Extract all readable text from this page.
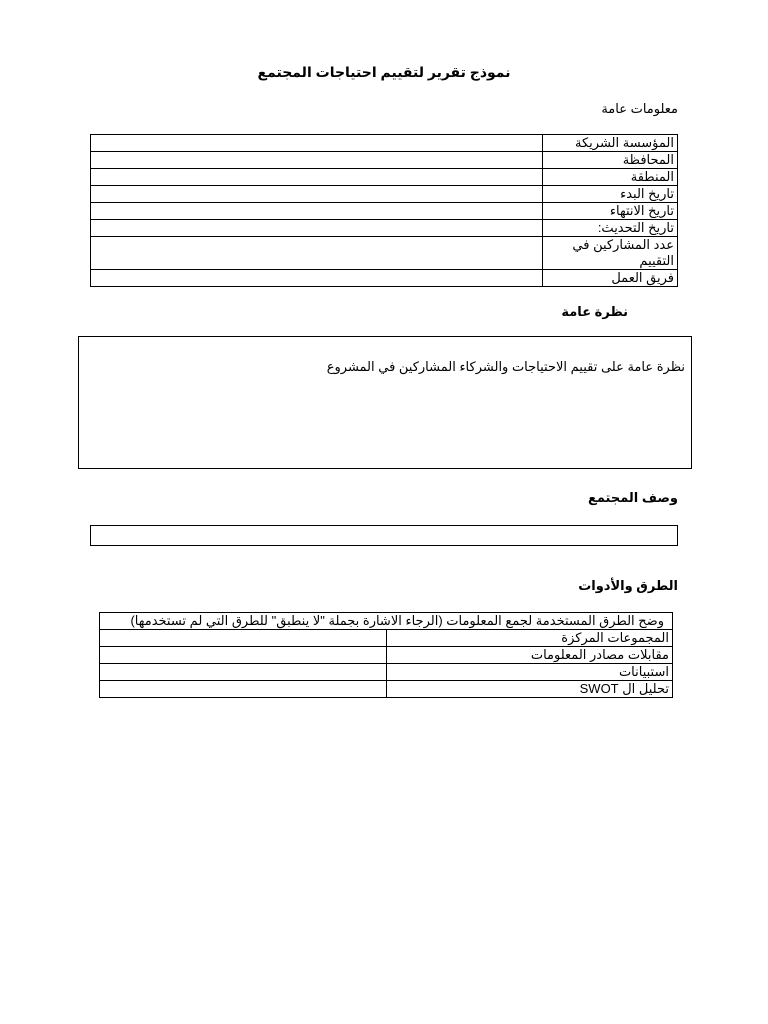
نموذج تقرير لتقييم احتياجات المجتمع
معلومات عامة
	المؤسسة الشريكة
	المحافظة
	المنطقة
	تاريخ البدء
	تاريخ الانتهاء
	تاريخ التحديث:
	عدد المشاركين في التقييم
	فريق العمل
نظرة عامة
نظرة عامة على تقييم الاحتياجات والشركاء المشاركين في المشروع
وصف المجتمع
الطرق والأدوات
وضح الطرق المستخدمة لجمع المعلومات (الرجاء الاشارة بجملة "لا ينطبق" للطرق التي لم تستخدمها)	
	المجموعات المركزة
	مقابلات مصادر المعلومات
	استبيانات
	تحليل ال SWOT
